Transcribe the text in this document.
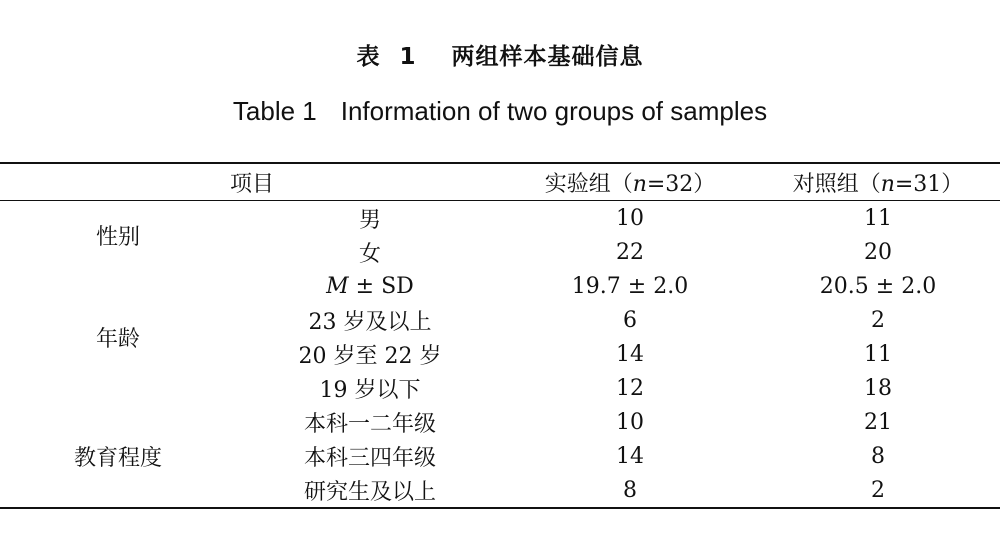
表 1 两组样本基础信息
Table 1 Information of two groups of samples
项目		实验组（n=32）	对照组（n=31）
性别	男	10	11
	女	22	20
年龄	M ± SD	19.7 ± 2.0	20.5 ± 2.0
	23 岁及以上	6	2
	20 岁至 22 岁	14	11
	19 岁以下	12	18
教育程度	本科一二年级	10	21
	本科三四年级	14	8
	研究生及以上	8	2
